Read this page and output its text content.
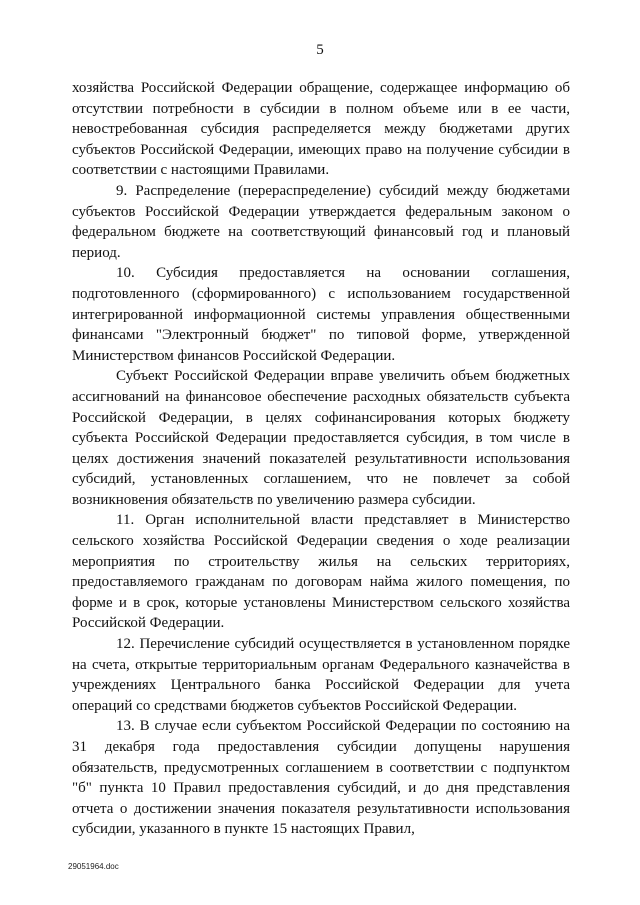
5

хозяйства Российской Федерации обращение, содержащее информацию об отсутствии потребности в субсидии в полном объеме или в ее части, невостребованная субсидия распределяется между бюджетами других субъектов Российской Федерации, имеющих право на получение субсидии в соответствии с настоящими Правилами.

9. Распределение (перераспределение) субсидий между бюджетами субъектов Российской Федерации утверждается федеральным законом о федеральном бюджете на соответствующий финансовый год и плановый период.

10. Субсидия предоставляется на основании соглашения, подготовленного (сформированного) с использованием государственной интегрированной информационной системы управления общественными финансами "Электронный бюджет" по типовой форме, утвержденной Министерством финансов Российской Федерации.

Субъект Российской Федерации вправе увеличить объем бюджетных ассигнований на финансовое обеспечение расходных обязательств субъекта Российской Федерации, в целях софинансирования которых бюджету субъекта Российской Федерации предоставляется субсидия, в том числе в целях достижения значений показателей результативности использования субсидий, установленных соглашением, что не повлечет за собой возникновения обязательств по увеличению размера субсидии.

11. Орган исполнительной власти представляет в Министерство сельского хозяйства Российской Федерации сведения о ходе реализации мероприятия по строительству жилья на сельских территориях, предоставляемого гражданам по договорам найма жилого помещения, по форме и в срок, которые установлены Министерством сельского хозяйства Российской Федерации.

12. Перечисление субсидий осуществляется в установленном порядке на счета, открытые территориальным органам Федерального казначейства в учреждениях Центрального банка Российской Федерации для учета операций со средствами бюджетов субъектов Российской Федерации.

13. В случае если субъектом Российской Федерации по состоянию на 31 декабря года предоставления субсидии допущены нарушения обязательств, предусмотренных соглашением в соответствии с подпунктом "б" пункта 10 Правил предоставления субсидий, и до дня представления отчета о достижении значения показателя результативности использования субсидии, указанного в пункте 15 настоящих Правил,

29051964.doc
